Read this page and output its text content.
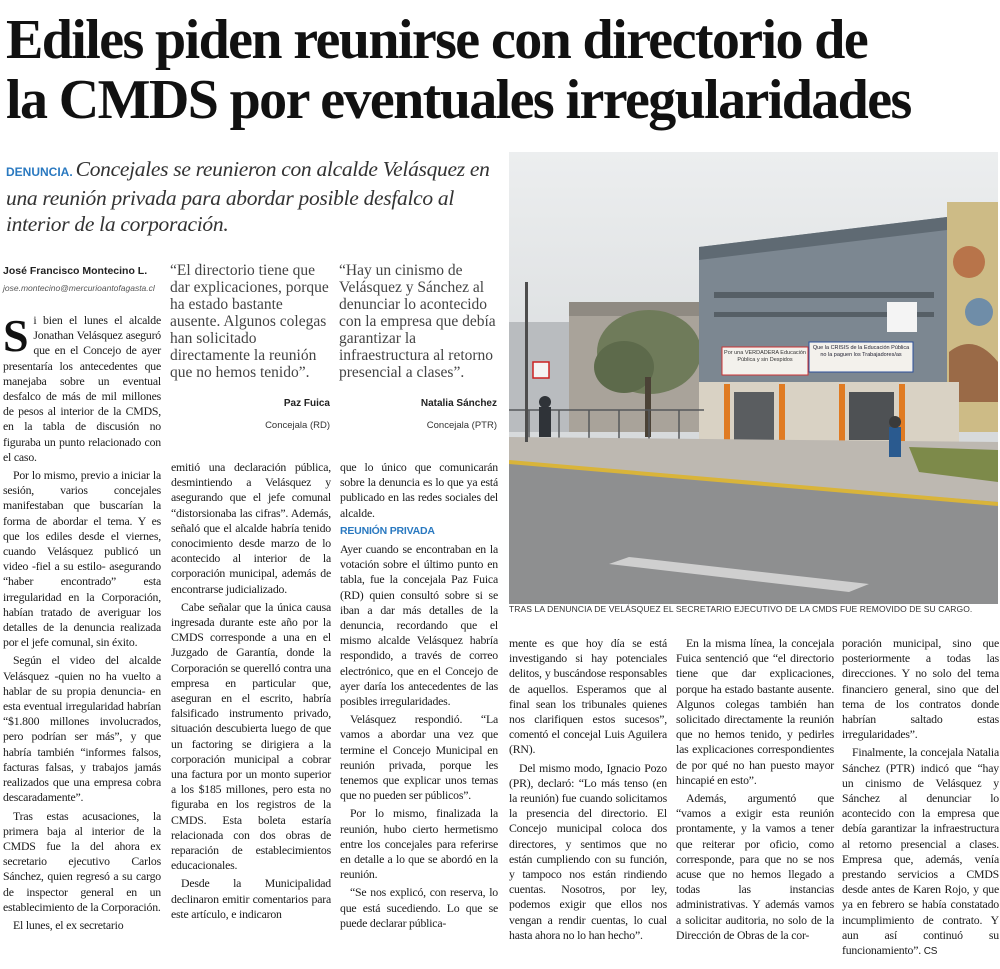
Ediles piden reunirse con directorio de
la CMDS por eventuales irregularidades
DENUNCIA. Concejales se reunieron con alcalde Velásquez en una reunión privada para abordar posible desfalco al interior de la corporación.
TRAS LA DENUNCIA DE VELÁSQUEZ EL SECRETARIO EJECUTIVO DE LA CMDS FUE REMOVIDO DE SU CARGO.
Por una VERDADERA Educación Pública y sin Despidos
Que la CRISIS de la Educación Pública no la paguen los Trabajadores/as
José Francisco Montecino L.
jose.montecino@mercurioantofagasta.cl
“El directorio tiene que dar explicaciones, porque ha estado bastante ausente. Algunos colegas han solicitado directamente la reunión que no hemos tenido”.
Paz Fuica
Concejala (RD)
“Hay un cinismo de Velásquez y Sánchez al denunciar lo acontecido con la empresa que debía garantizar la infraestructura al retorno presencial a clases”.
Natalia Sánchez
Concejala (PTR)

Si bien el lunes el alcalde Jonathan Velásquez aseguró que en el Concejo de ayer presentaría los antecedentes que manejaba sobre un eventual desfalco de más de mil millones de pesos al interior de la CMDS, en la tabla de discusión no figuraba un punto relacionado con el caso.

Por lo mismo, previo a iniciar la sesión, varios concejales manifestaban que buscarían la forma de abordar el tema. Y es que los ediles desde el viernes, cuando Velásquez publicó un video -fiel a su estilo- asegurando “haber encontrado” esta irregularidad en la Corporación, habían tratado de averiguar los detalles de la denuncia realizada por el jefe comunal, sin éxito.

Según el video del alcalde Velásquez -quien no ha vuelto a hablar de su propia denuncia- en esta eventual irregularidad habrían “$1.800 millones involucrados, pero podrían ser más”, y que habría también “informes falsos, facturas falsas, y trabajos jamás realizados que una empresa cobra descaradamente”.

Tras estas acusaciones, la primera baja al interior de la CMDS fue la del ahora ex secretario ejecutivo Carlos Sánchez, quien regresó a su cargo de inspector general en un establecimiento de la Corporación.

El lunes, el ex secretario

emitió una declaración pública, desmintiendo a Velásquez y asegurando que el jefe comunal “distorsionaba las cifras”. Además, señaló que el alcalde habría tenido conocimiento desde marzo de lo acontecido al interior de la corporación municipal, además de encontrarse judicializado.

Cabe señalar que la única causa ingresada durante este año por la CMDS corresponde a una en el Juzgado de Garantía, donde la Corporación se querelló contra una empresa en particular que, aseguran en el escrito, habría falsificado instrumento privado, situación descubierta luego de que un factoring se dirigiera a la corporación municipal a cobrar una factura por un monto superior a los $185 millones, pero esta no figuraba en los registros de la CMDS. Esta boleta estaría relacionada con dos obras de reparación de establecimientos educacionales.

Desde la Municipalidad declinaron emitir comentarios para este artículo, e indicaron

que lo único que comunicarán sobre la denuncia es lo que ya está publicado en las redes sociales del alcalde.

REUNIÓN PRIVADA

Ayer cuando se encontraban en la votación sobre el último punto en tabla, fue la concejala Paz Fuica (RD) quien consultó sobre si se iban a dar más detalles de la denuncia, recordando que el mismo alcalde Velásquez habría respondido, a través de correo electrónico, que en el Concejo de ayer daría los antecedentes de las posibles irregularidades.

Velásquez respondió. “La vamos a abordar una vez que termine el Concejo Municipal en reunión privada, porque les tenemos que explicar unos temas que no pueden ser públicos”.

Por lo mismo, finalizada la reunión, hubo cierto hermetismo entre los concejales para referirse en detalle a lo que se abordó en la reunión.

“Se nos explicó, con reserva, lo que está sucediendo. Lo que se puede declarar pública-

mente es que hoy día se está investigando si hay potenciales delitos, y buscándose responsables de aquellos. Esperamos que al final sean los tribunales quienes nos clarifiquen estos sucesos”, comentó el concejal Luis Aguilera (RN).

Del mismo modo, Ignacio Pozo (PR), declaró: “Lo más tenso (en la reunión) fue cuando solicitamos la presencia del directorio. El Concejo municipal coloca dos directores, y sentimos que no están cumpliendo con su función, y tampoco nos están rindiendo cuentas. Nosotros, por ley, podemos exigir que ellos nos vengan a rendir cuentas, lo cual hasta ahora no lo han hecho”.

En la misma línea, la concejala Fuica sentenció que “el directorio tiene que dar explicaciones, porque ha estado bastante ausente. Algunos colegas también han solicitado directamente la reunión que no hemos tenido, y pedirles las explicaciones correspondientes de por qué no han puesto mayor hincapié en esto”.

Además, argumentó que “vamos a exigir esta reunión prontamente, y la vamos a tener que reiterar por oficio, como corresponde, para que no se nos acuse que no hemos llegado a todas las instancias administrativas. Y además vamos a solicitar auditoria, no solo de la Dirección de Obras de la cor-

poración municipal, sino que posteriormente a todas las direcciones. Y no solo del tema financiero general, sino que del tema de los contratos donde habrían saltado estas irregularidades”.

Finalmente, la concejala Natalia Sánchez (PTR) indicó que “hay un cinismo de Velásquez y Sánchez al denunciar lo acontecido con la empresa que debía garantizar la infraestructura al retorno presencial a clases. Empresa que, además, venía prestando servicios a CMDS desde antes de Karen Rojo, y que ya en febrero se había constatado incumplimiento de contrato. Y aun así continuó su funcionamiento”. CS
